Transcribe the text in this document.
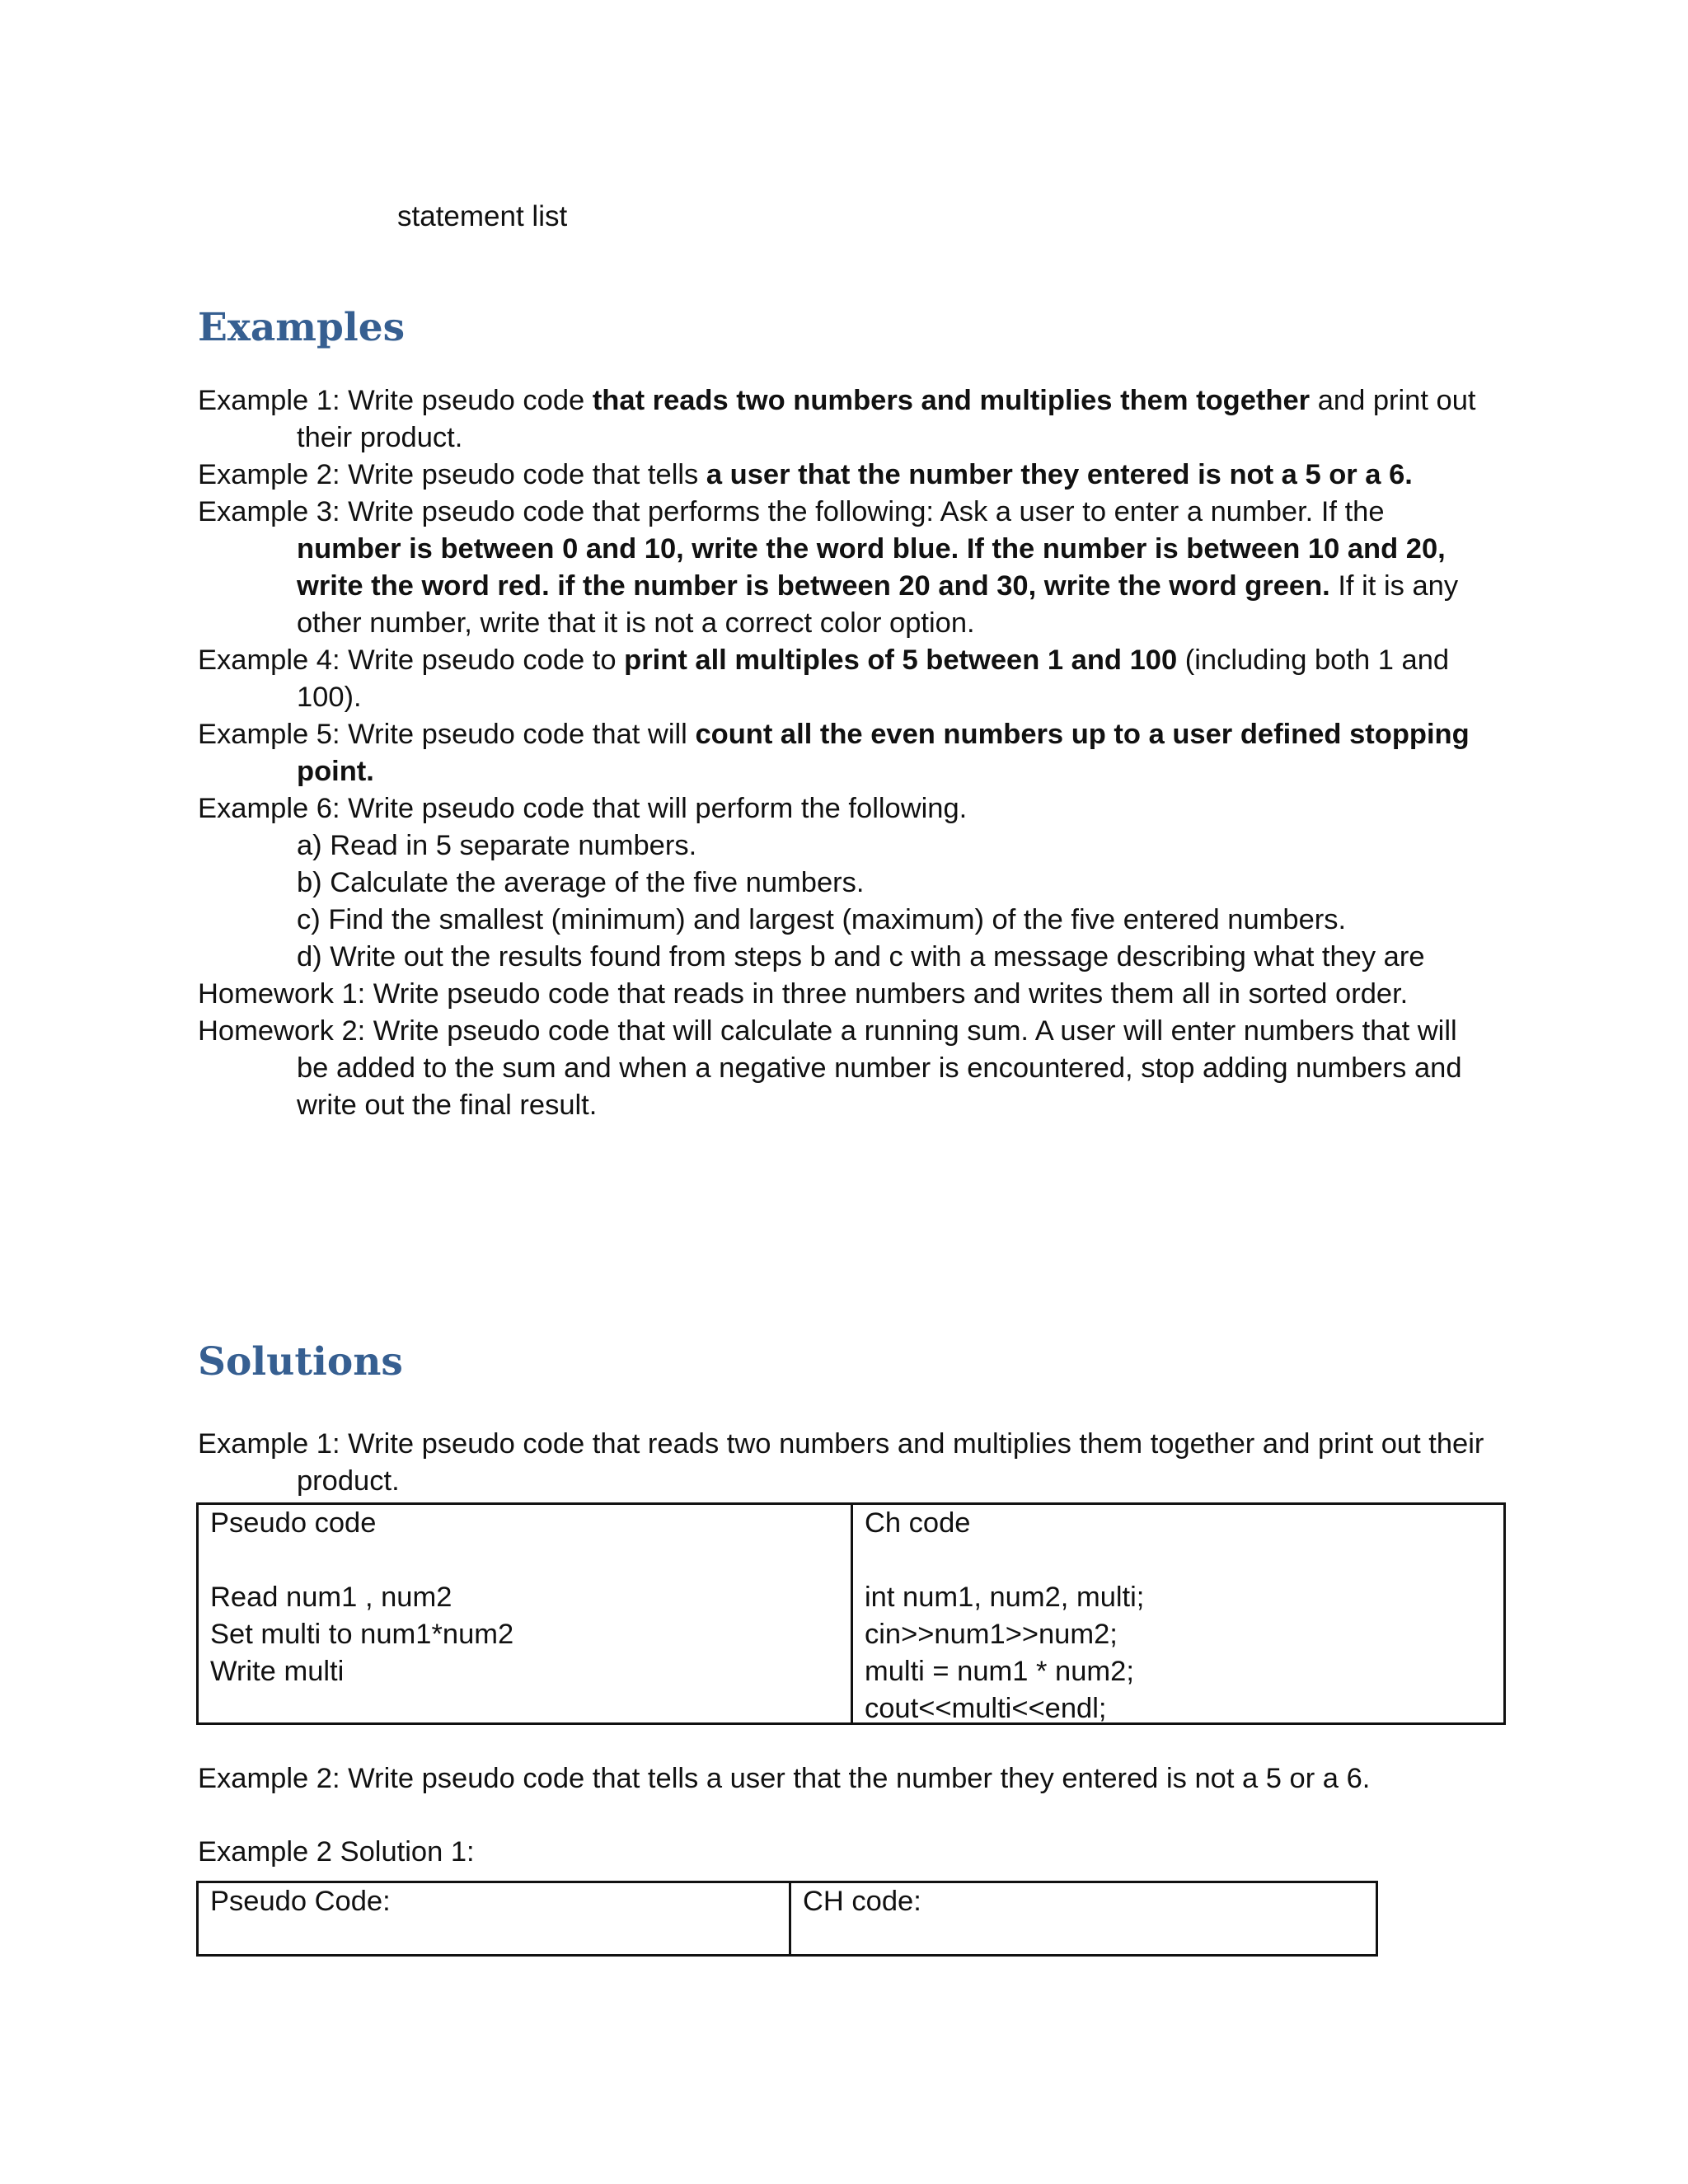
statement list
Examples

Example 1: Write pseudo code that reads two numbers and multiplies them together and print out their product.

Example 2: Write pseudo code that tells a user that the number they entered is not a 5 or a 6.

Example 3: Write pseudo code that performs the following: Ask a user to enter a number. If the number is between 0 and 10, write the word blue. If the number is between 10 and 20, write the word red. if the number is between 20 and 30, write the word green. If it is any other number, write that it is not a correct color option.

Example 4: Write pseudo code to print all multiples of 5 between 1 and 100 (including both 1 and 100).

Example 5: Write pseudo code that will count all the even numbers up to a user defined stopping point.

Example 6: Write pseudo code that will perform the following.

a) Read in 5 separate numbers.

b) Calculate the average of the five numbers.

c) Find the smallest (minimum) and largest (maximum) of the five entered numbers.

d) Write out the results found from steps b and c with a message describing what they are

Homework 1: Write pseudo code that reads in three numbers and writes them all in sorted order.

Homework 2: Write pseudo code that will calculate a running sum. A user will enter numbers that will be added to the sum and when a negative number is encountered, stop adding numbers and write out the final result.

Solutions

Example 1: Write pseudo code that reads two numbers and multiplies them together and print out their product.

Pseudo code

Read num1 , num2

Set multi to num1*num2

Write multi

Ch code

int num1, num2, multi;

cin>>num1>>num2;

multi = num1 * num2;

cout<<multi<<endl;

Example 2: Write pseudo code that tells a user that the number they entered is not a 5 or a 6.

Example 2 Solution 1:

Pseudo Code:	CH code:
